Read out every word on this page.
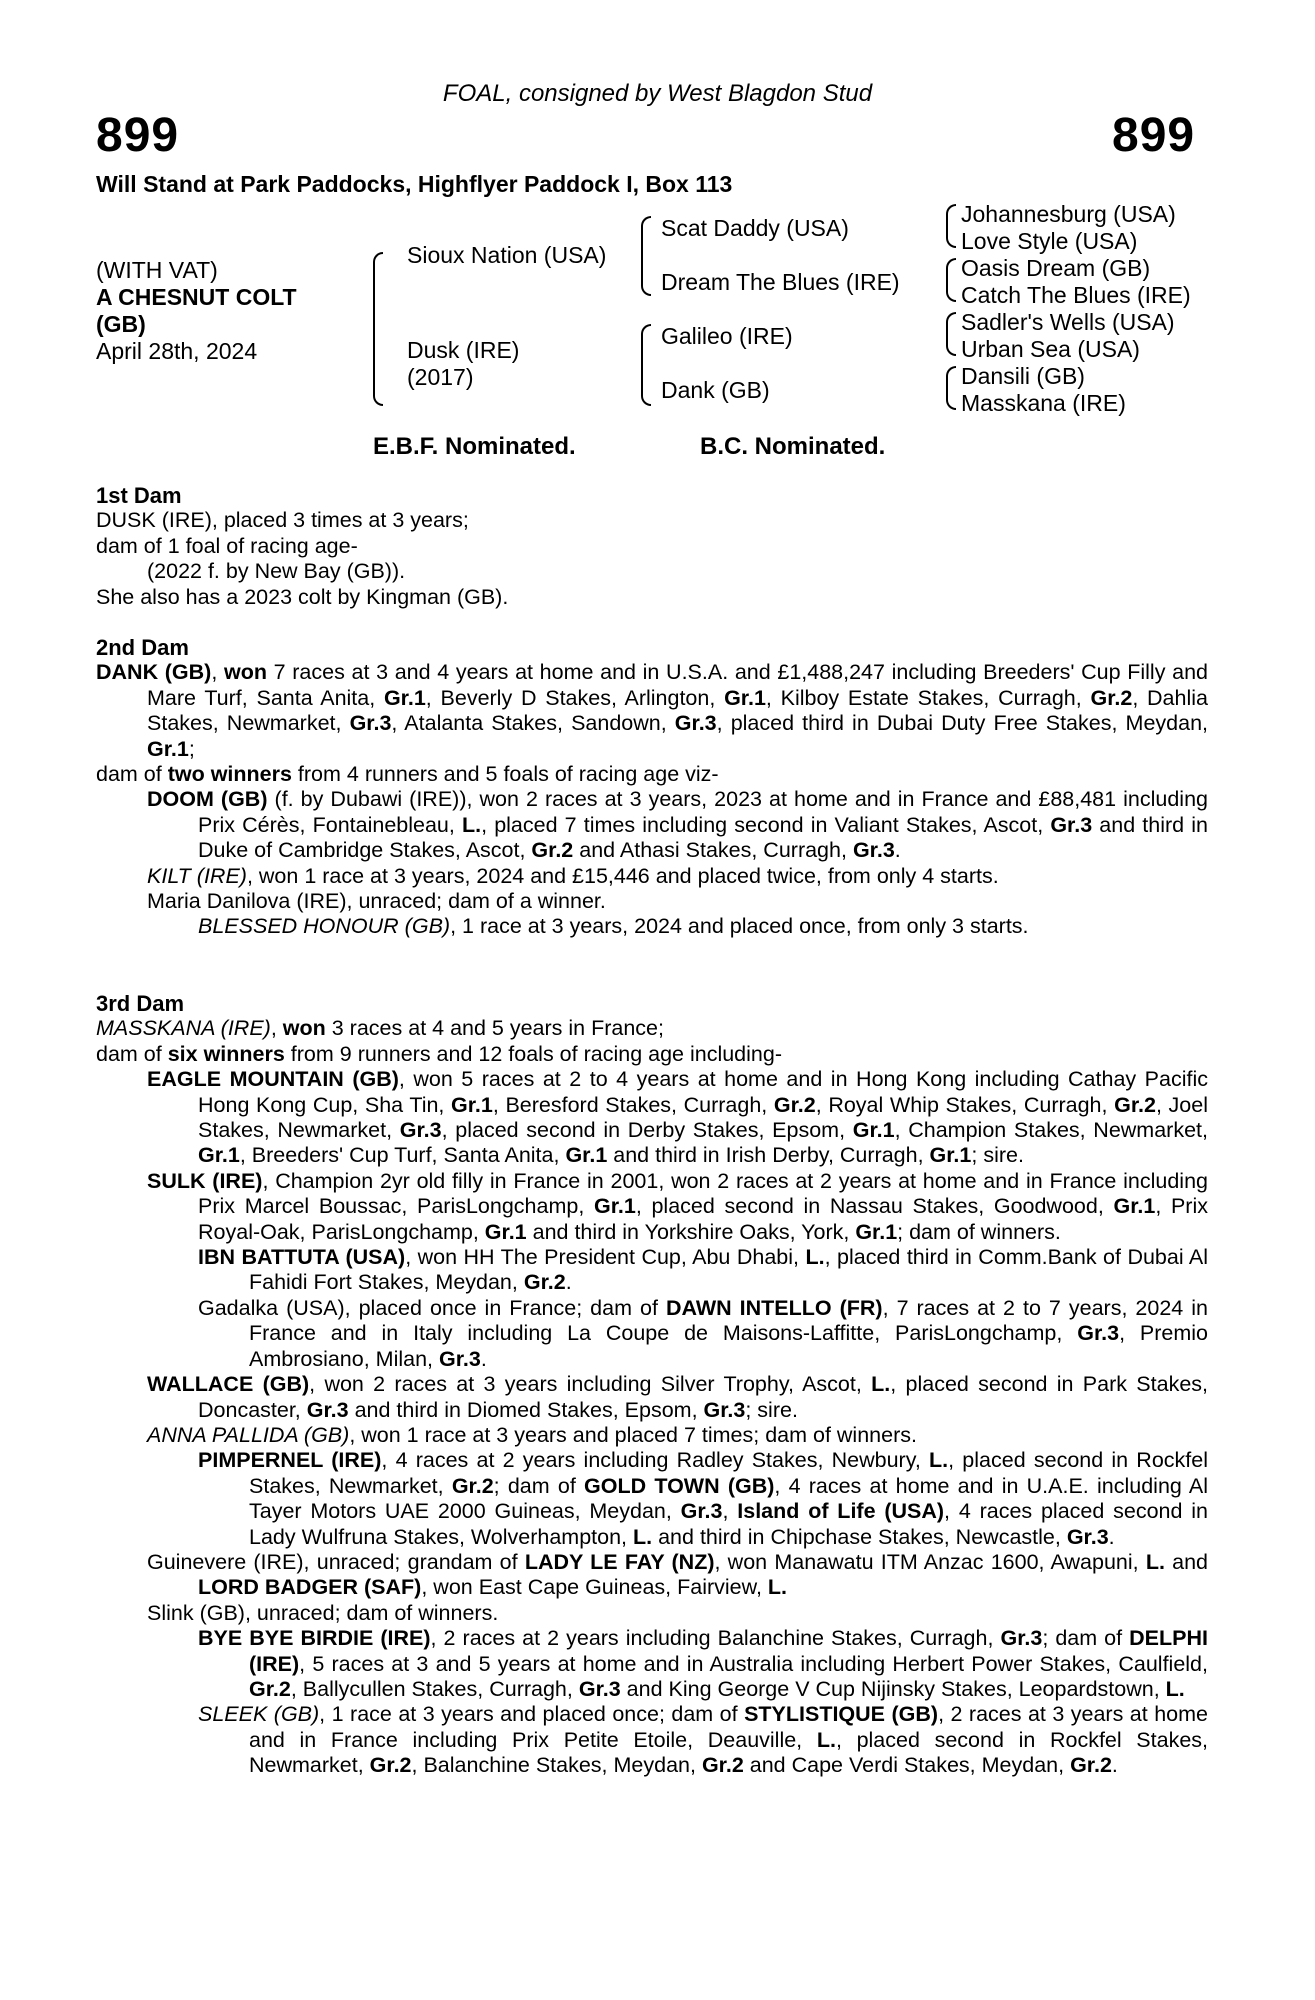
FOAL, consigned by West Blagdon Stud
899	899
Will Stand at Park Paddocks, Highflyer Paddock I, Box 113
(WITH VAT)
A CHESNUT COLT
(GB)
April 28th, 2024
Sioux Nation (USA)
Dusk (IRE)
(2017)
Scat Daddy (USA)
Dream The Blues (IRE)
Galileo (IRE)
Dank (GB)
Johannesburg (USA)
Love Style (USA)
Oasis Dream (GB)
Catch The Blues (IRE)
Sadler's Wells (USA)
Urban Sea (USA)
Dansili (GB)
Masskana (IRE)
E.B.F. Nominated.	B.C. Nominated.

1st Dam

DUSK (IRE), placed 3 times at 3 years;

dam of 1 foal of racing age-

(2022 f. by New Bay (GB)).

She also has a 2023 colt by Kingman (GB).

2nd Dam

DANK (GB), won 7 races at 3 and 4 years at home and in U.S.A. and £1,488,247 including Breeders' Cup Filly and Mare Turf, Santa Anita, Gr.1, Beverly D Stakes, Arlington, Gr.1, Kilboy Estate Stakes, Curragh, Gr.2, Dahlia Stakes, Newmarket, Gr.3, Atalanta Stakes, Sandown, Gr.3, placed third in Dubai Duty Free Stakes, Meydan, Gr.1;

dam of two winners from 4 runners and 5 foals of racing age viz-

DOOM (GB) (f. by Dubawi (IRE)), won 2 races at 3 years, 2023 at home and in France and £88,481 including Prix Cérès, Fontainebleau, L., placed 7 times including second in Valiant Stakes, Ascot, Gr.3 and third in Duke of Cambridge Stakes, Ascot, Gr.2 and Athasi Stakes, Curragh, Gr.3.

KILT (IRE), won 1 race at 3 years, 2024 and £15,446 and placed twice, from only 4 starts.

Maria Danilova (IRE), unraced; dam of a winner.

BLESSED HONOUR (GB), 1 race at 3 years, 2024 and placed once, from only 3 starts.

3rd Dam

MASSKANA (IRE), won 3 races at 4 and 5 years in France;

dam of six winners from 9 runners and 12 foals of racing age including-

EAGLE MOUNTAIN (GB), won 5 races at 2 to 4 years at home and in Hong Kong including Cathay Pacific Hong Kong Cup, Sha Tin, Gr.1, Beresford Stakes, Curragh, Gr.2, Royal Whip Stakes, Curragh, Gr.2, Joel Stakes, Newmarket, Gr.3, placed second in Derby Stakes, Epsom, Gr.1, Champion Stakes, Newmarket, Gr.1, Breeders' Cup Turf, Santa Anita, Gr.1 and third in Irish Derby, Curragh, Gr.1; sire.

SULK (IRE), Champion 2yr old filly in France in 2001, won 2 races at 2 years at home and in France including Prix Marcel Boussac, ParisLongchamp, Gr.1, placed second in Nassau Stakes, Goodwood, Gr.1, Prix Royal-Oak, ParisLongchamp, Gr.1 and third in Yorkshire Oaks, York, Gr.1; dam of winners.

IBN BATTUTA (USA), won HH The President Cup, Abu Dhabi, L., placed third in Comm.Bank of Dubai Al Fahidi Fort Stakes, Meydan, Gr.2.

Gadalka (USA), placed once in France; dam of DAWN INTELLO (FR), 7 races at 2 to 7 years, 2024 in France and in Italy including La Coupe de Maisons-Laffitte, ParisLongchamp, Gr.3, Premio Ambrosiano, Milan, Gr.3.

WALLACE (GB), won 2 races at 3 years including Silver Trophy, Ascot, L., placed second in Park Stakes, Doncaster, Gr.3 and third in Diomed Stakes, Epsom, Gr.3; sire.

ANNA PALLIDA (GB), won 1 race at 3 years and placed 7 times; dam of winners.

PIMPERNEL (IRE), 4 races at 2 years including Radley Stakes, Newbury, L., placed second in Rockfel Stakes, Newmarket, Gr.2; dam of GOLD TOWN (GB), 4 races at home and in U.A.E. including Al Tayer Motors UAE 2000 Guineas, Meydan, Gr.3, Island of Life (USA), 4 races placed second in Lady Wulfruna Stakes, Wolverhampton, L. and third in Chipchase Stakes, Newcastle, Gr.3.

Guinevere (IRE), unraced; grandam of LADY LE FAY (NZ), won Manawatu ITM Anzac 1600, Awapuni, L. and LORD BADGER (SAF), won East Cape Guineas, Fairview, L.

Slink (GB), unraced; dam of winners.

BYE BYE BIRDIE (IRE), 2 races at 2 years including Balanchine Stakes, Curragh, Gr.3; dam of DELPHI (IRE), 5 races at 3 and 5 years at home and in Australia including Herbert Power Stakes, Caulfield, Gr.2, Ballycullen Stakes, Curragh, Gr.3 and King George V Cup Nijinsky Stakes, Leopardstown, L.

SLEEK (GB), 1 race at 3 years and placed once; dam of STYLISTIQUE (GB), 2 races at 3 years at home and in France including Prix Petite Etoile, Deauville, L., placed second in Rockfel Stakes, Newmarket, Gr.2, Balanchine Stakes, Meydan, Gr.2 and Cape Verdi Stakes, Meydan, Gr.2.
